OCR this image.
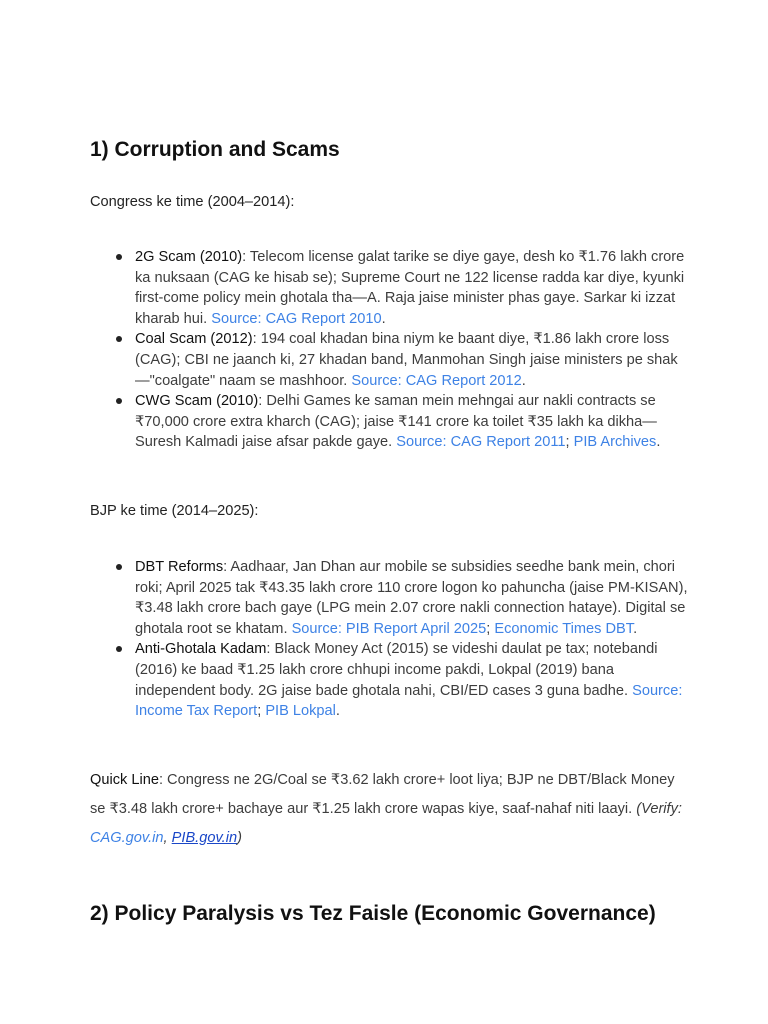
1) Corruption and Scams

Congress ke time (2004–2014):

2G Scam (2010): Telecom license galat tarike se diye gaye, desh ko ₹1.76 lakh crore ka nuksaan (CAG ke hisab se); Supreme Court ne 122 license radda kar diye, kyunki first-come policy mein ghotala tha—A. Raja jaise minister phas gaye. Sarkar ki izzat kharab hui. Source: CAG Report 2010.
Coal Scam (2012): 194 coal khadan bina niym ke baant diye, ₹1.86 lakh crore loss (CAG); CBI ne jaanch ki, 27 khadan band, Manmohan Singh jaise ministers pe shak—"coalgate" naam se mashhoor. Source: CAG Report 2012.
CWG Scam (2010): Delhi Games ke saman mein mehngai aur nakli contracts se ₹70,000 crore extra kharch (CAG); jaise ₹141 crore ka toilet ₹35 lakh ka dikha—Suresh Kalmadi jaise afsar pakde gaye. Source: CAG Report 2011; PIB Archives.

BJP ke time (2014–2025):

DBT Reforms: Aadhaar, Jan Dhan aur mobile se subsidies seedhe bank mein, chori roki; April 2025 tak ₹43.35 lakh crore 110 crore logon ko pahuncha (jaise PM-KISAN), ₹3.48 lakh crore bach gaye (LPG mein 2.07 crore nakli connection hataye). Digital se ghotala root se khatam. Source: PIB Report April 2025; Economic Times DBT.
Anti-Ghotala Kadam: Black Money Act (2015) se videshi daulat pe tax; notebandi (2016) ke baad ₹1.25 lakh crore chhupi income pakdi, Lokpal (2019) bana independent body. 2G jaise bade ghotala nahi, CBI/ED cases 3 guna badhe. Source: Income Tax Report; PIB Lokpal.

Quick Line: Congress ne 2G/Coal se ₹3.62 lakh crore+ loot liya; BJP ne DBT/Black Money se ₹3.48 lakh crore+ bachaye aur ₹1.25 lakh crore wapas kiye, saaf-nahaf niti laayi. (Verify: CAG.gov.in, PIB.gov.in)

2) Policy Paralysis vs Tez Faisle (Economic Governance)
